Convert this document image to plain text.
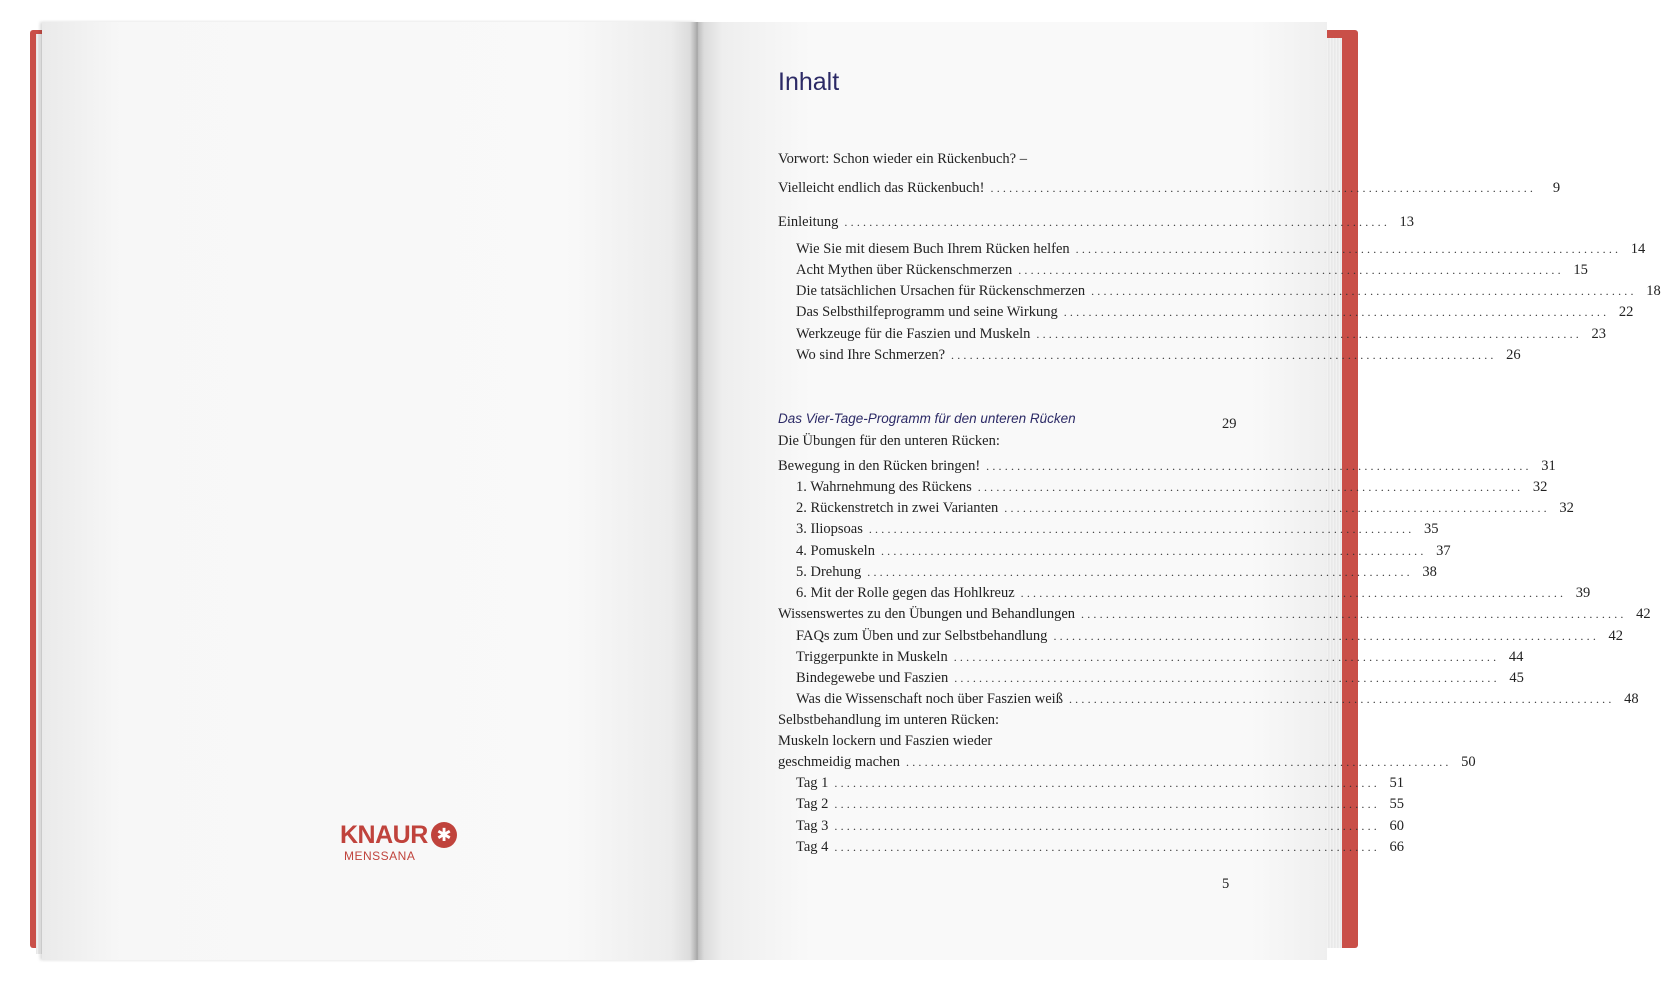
KNAUR ✱
MENSSANA
Inhalt
Vorwort: Schon wieder ein Rückenbuch? –
Vielleicht endlich das Rückenbuch! ........................................................................................	9
Einleitung ........................................................................................ 13
Wie Sie mit diesem Buch Ihrem Rücken helfen ........................................................................................ 14
Acht Mythen über Rückenschmerzen ........................................................................................ 15
Die tatsächlichen Ursachen für Rückenschmerzen ........................................................................................ 18
Das Selbsthilfeprogramm und seine Wirkung ........................................................................................ 22
Werkzeuge für die Faszien und Muskeln ........................................................................................ 23
Wo sind Ihre Schmerzen? ........................................................................................ 26
Das Vier-Tage-Programm für den unteren Rücken	29
Die Übungen für den unteren Rücken:
Bewegung in den Rücken bringen! ........................................................................................ 31
1. Wahrnehmung des Rückens ........................................................................................ 32
2. Rückenstretch in zwei Varianten ........................................................................................ 32
3. Iliopsoas ........................................................................................ 35
4. Pomuskeln ........................................................................................ 37
5. Drehung ........................................................................................ 38
6. Mit der Rolle gegen das Hohlkreuz ........................................................................................ 39
Wissenswertes zu den Übungen und Behandlungen ........................................................................................ 42
FAQs zum Üben und zur Selbstbehandlung ........................................................................................ 42
Triggerpunkte in Muskeln ........................................................................................ 44
Bindegewebe und Faszien ........................................................................................ 45
Was die Wissenschaft noch über Faszien weiß ........................................................................................ 48
Selbstbehandlung im unteren Rücken:
Muskeln lockern und Faszien wieder
geschmeidig machen ........................................................................................ 50
Tag 1 ........................................................................................ 51
Tag 2 ........................................................................................ 55
Tag 3 ........................................................................................ 60
Tag 4 ........................................................................................ 66
5
